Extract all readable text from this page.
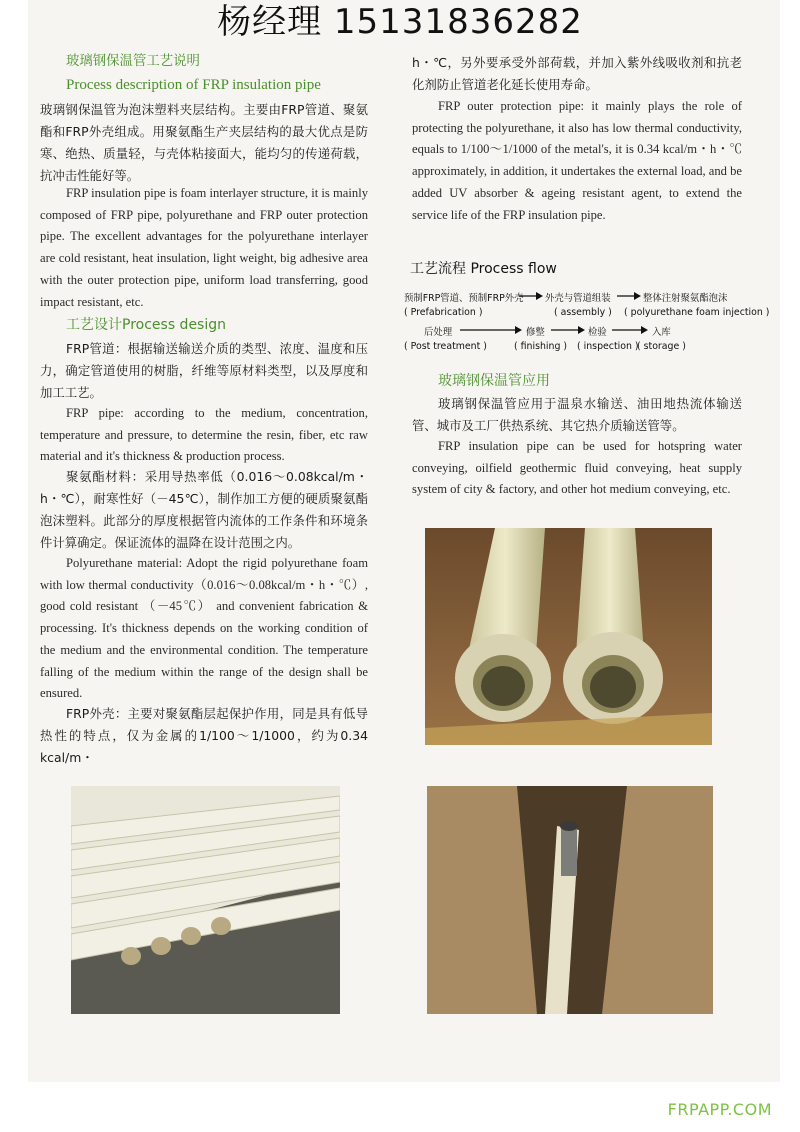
杨经理 15131836282

玻璃钢保温管工艺说明

Process description of FRP insulation pipe

玻璃钢保温管为泡沫塑料夹层结构。主要由FRP管道、聚氨酯和FRP外壳组成。用聚氨酯生产夹层结构的最大优点是防寒、绝热、质量轻，与壳体粘接面大，能均匀的传递荷载，抗冲击性能好等。

FRP insulation pipe is foam interlayer structure, it is mainly composed of FRP pipe, polyurethane and FRP outer protection pipe. The excellent advantages for the polyurethane interlayer are cold resistant, heat insulation, light weight, big adhesive area with the outer protection pipe, uniform load transferring, good impact resistant, etc.

工艺设计Process design

FRP管道：根据输送输送介质的类型、浓度、温度和压力，确定管道使用的树脂，纤维等原材料类型，以及厚度和加工工艺。

FRP pipe: according to the medium, concentration, temperature and pressure, to determine the resin, fiber, etc raw material and it's thickness & production process.

聚氨酯材料：采用导热率低（0.016～0.08kcal/m・h・℃），耐寒性好（－45℃），制作加工方便的硬质聚氨酯泡沫塑料。此部分的厚度根据管内流体的工作条件和环境条件计算确定。保证流体的温降在设计范围之内。

Polyurethane material: Adopt the rigid polyurethane foam with low thermal conductivity（0.016～0.08kcal/m・h・℃）, good cold resistant （－45℃） and convenient fabrication & processing. It's thickness depends on the working condition of the medium and the environmental condition. The temperature falling of the medium within the range of the design shall be ensured.

FRP外壳：主要对聚氨酯层起保护作用，同是具有低导热性的特点，仅为金属的1/100～1/1000，约为0.34 kcal/m・

h・℃，另外要承受外部荷载，并加入紫外线吸收剂和抗老化剂防止管道老化延长使用寿命。

FRP outer protection pipe: it mainly plays the role of protecting the polyurethane, it also has low thermal conductivity, equals to 1/100～1/1000 of the metal's, it is 0.34 kcal/m・h・℃ approximately, in addition, it undertakes the external load, and be added UV absorber & ageing resistant agent, to extend the service life of the FRP insulation pipe.

工艺流程 Process flow

预制FRP管道、预制FRP外壳 外壳与管道组装	整体注射聚氨酯泡沫
( Prefabrication )	( assembly ) ( polyurethane foam injection )
后处理	修整	检验	入库
( Post treatment )	( finishing ) ( inspection )
( storage )

玻璃钢保温管应用

玻璃钢保温管应用于温泉水输送、油田地热流体输送管、城市及工厂供热系统、其它热介质输送管等。

FRP insulation pipe can be used for hotspring water conveying, oilfield geothermic fluid conveying, heat supply system of city & factory, and other hot medium conveying, etc.

FRPAPP.COM
